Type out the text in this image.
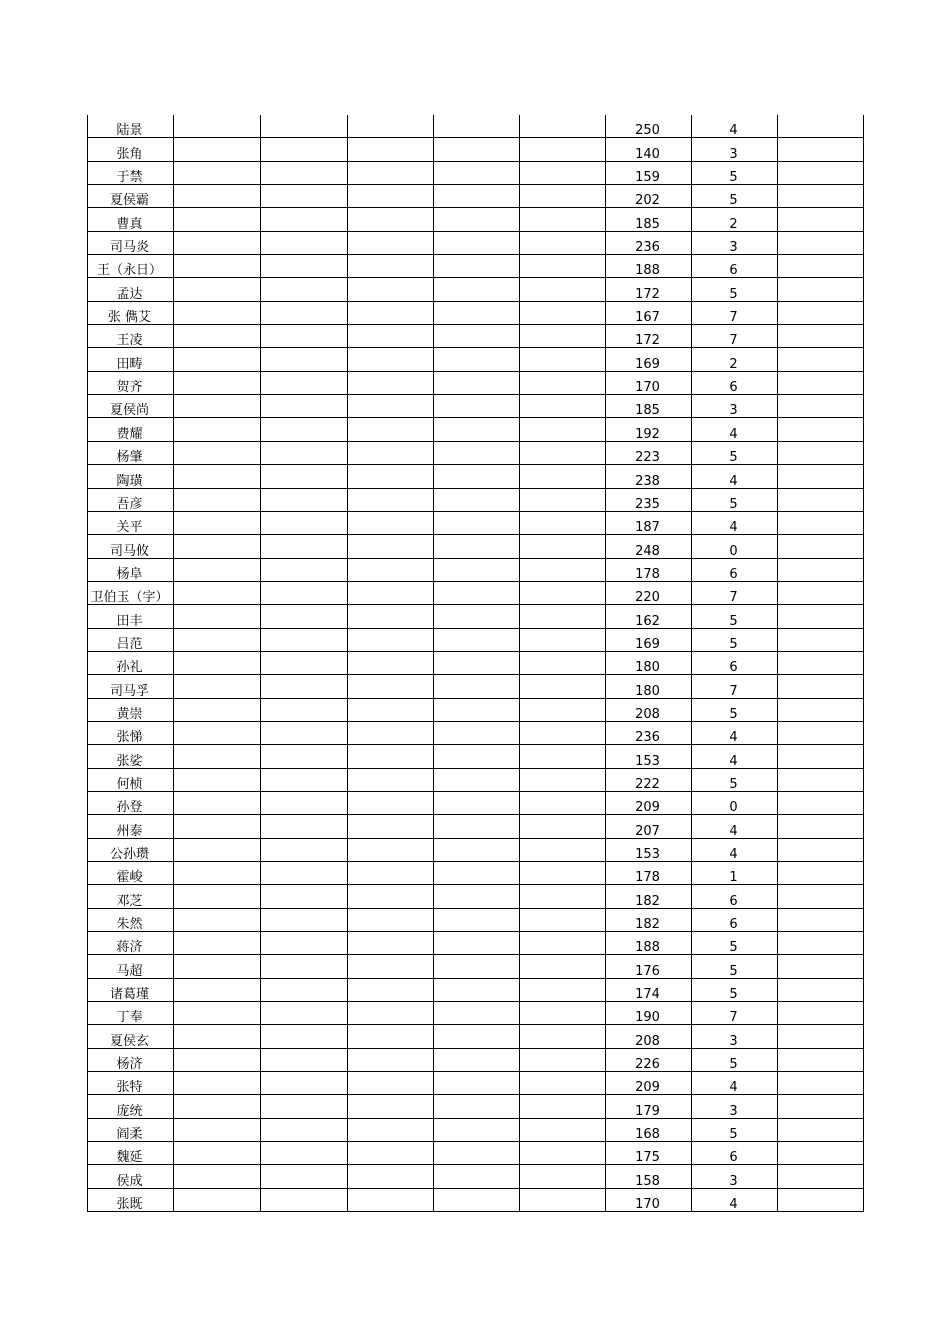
陆景						250	4	
张角						140	3	
于禁						159	5	
夏侯霸						202	5	
曹真						185	2	
司马炎						236	3	
王（永日）						188	6	
孟达						172	5	
张 儁艾						167	7	
王凌						172	7	
田畴						169	2	
贺齐						170	6	
夏侯尚						185	3	
费耀						192	4	
杨肇						223	5	
陶璜						238	4	
吾彦						235	5	
关平						187	4	
司马攸						248	0	
杨阜						178	6	
卫伯玉（字）						220	7	
田丰						162	5	
吕范						169	5	
孙礼						180	6	
司马孚						180	7	
黄崇						208	5	
张悌						236	4	
张娑						153	4	
何桢						222	5	
孙登						209	0	
州泰						207	4	
公孙瓒						153	4	
霍峻						178	1	
邓芝						182	6	
朱然						182	6	
蒋济						188	5	
马超						176	5	
诸葛瑾						174	5	
丁奉						190	7	
夏侯玄						208	3	
杨济						226	5	
张特						209	4	
庞统						179	3	
阎柔						168	5	
魏延						175	6	
侯成						158	3	
张既						170	4	
